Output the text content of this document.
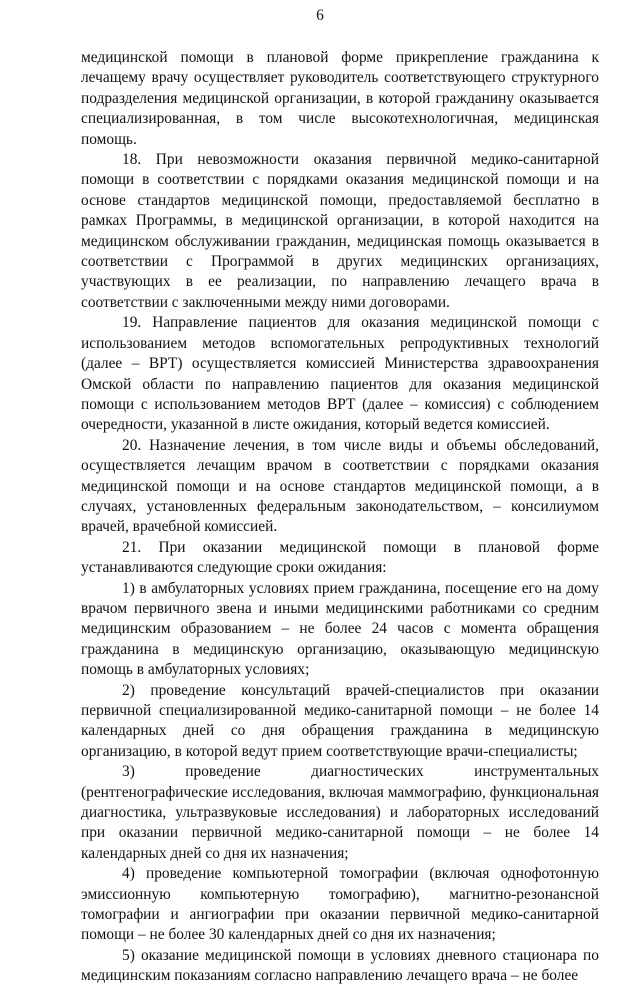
6

медицинской помощи в плановой форме прикрепление гражданина к лечащему врачу осуществляет руководитель соответствующего структурного подразделения медицинской организации, в которой гражданину оказывается специализированная, в том числе высокотехнологичная, медицинская помощь.

18. При невозможности оказания первичной медико-санитарной помощи в соответствии с порядками оказания медицинской помощи и на основе стандартов медицинской помощи, предоставляемой бесплатно в рамках Программы, в медицинской организации, в которой находится на медицинском обслуживании гражданин, медицинская помощь оказывается в соответствии с Программой в других медицинских организациях, участвующих в ее реализации, по направлению лечащего врача в соответствии с заключенными между ними договорами.

19. Направление пациентов для оказания медицинской помощи с использованием методов вспомогательных репродуктивных технологий (далее – ВРТ) осуществляется комиссией Министерства здравоохранения Омской области по направлению пациентов для оказания медицинской помощи с использованием методов ВРТ (далее – комиссия) с соблюдением очередности, указанной в листе ожидания, который ведется комиссией.

20. Назначение лечения, в том числе виды и объемы обследований, осуществляется лечащим врачом в соответствии с порядками оказания медицинской помощи и на основе стандартов медицинской помощи, а в случаях, установленных федеральным законодательством, – консилиумом врачей, врачебной комиссией.

21. При оказании медицинской помощи в плановой форме устанавливаются следующие сроки ожидания:

1) в амбулаторных условиях прием гражданина, посещение его на дому врачом первичного звена и иными медицинскими работниками со средним медицинским образованием – не более 24 часов с момента обращения гражданина в медицинскую организацию, оказывающую медицинскую помощь в амбулаторных условиях;

2) проведение консультаций врачей-специалистов при оказании первичной специализированной медико-санитарной помощи – не более 14 календарных дней со дня обращения гражданина в медицинскую организацию, в которой ведут прием соответствующие врачи-специалисты;

3) проведение диагностических инструментальных (рентгенографические исследования, включая маммографию, функциональная диагностика, ультразвуковые исследования) и лабораторных исследований при оказании первичной медико-санитарной помощи – не более 14 календарных дней со дня их назначения;

4) проведение компьютерной томографии (включая однофотонную эмиссионную компьютерную томографию), магнитно-резонансной томографии и ангиографии при оказании первичной медико-санитарной помощи – не более 30 календарных дней со дня их назначения;

5) оказание медицинской помощи в условиях дневного стационара по медицинским показаниям согласно направлению лечащего врача – не более
